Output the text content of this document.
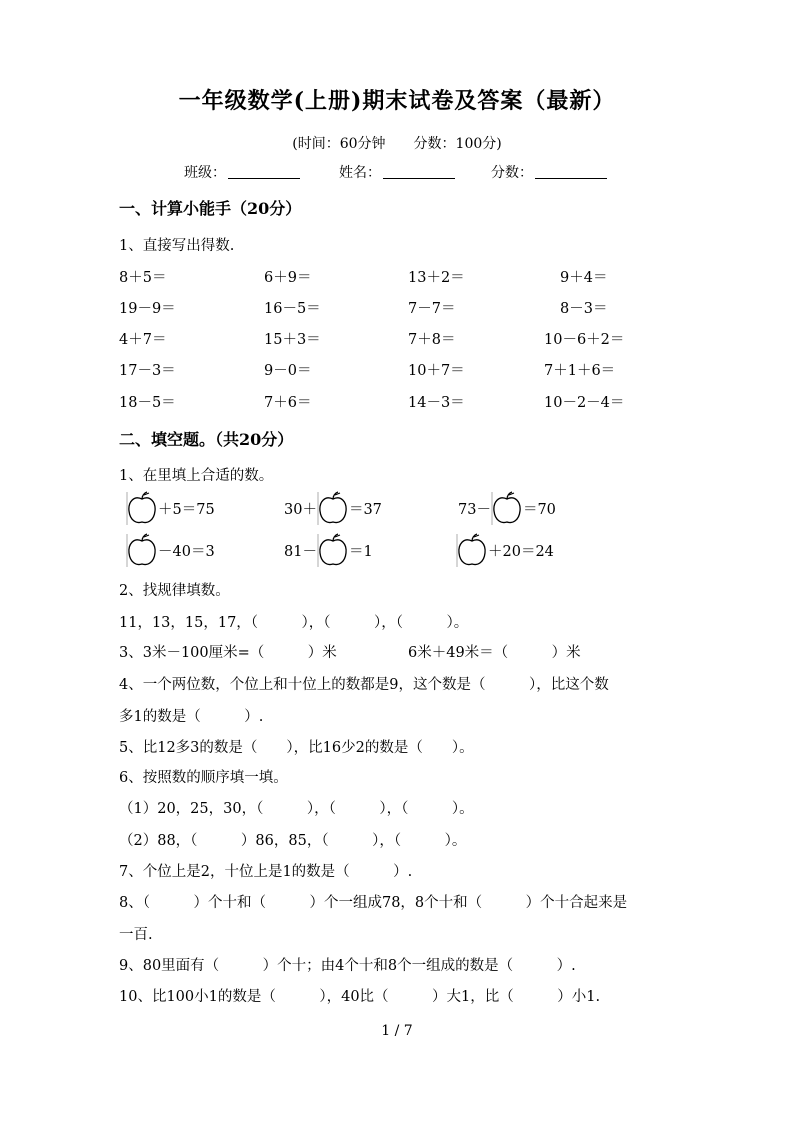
一年级数学(上册)期末试卷及答案（最新）
(时间：60分钟 分数：100分)
班级：	姓名：	分数：
一、计算小能手（20分）
1、直接写出得数.
8＋5＝	6＋9＝	13＋2＝	9＋4＝
19－9＝	16－5＝	7－7＝	8－3＝
4＋7＝	15＋3＝	7＋8＝	10－6＋2＝
17－3＝	9－0＝	10＋7＝	7＋1＋6＝
18－5＝	7＋6＝	14－3＝	10－2－4＝
二、填空题。（共20分）
1、在里填上合适的数。
＋5＝75	30＋ ＝37	73－ ＝70
－40＝3	81－ ＝1	＋20＝24
2、找规律填数。
11，13，15，17，（　　　），（　　　），（　　　）。
3、3米－100厘米=（　　　）米	6米＋49米＝（　　　）米
4、一个两位数，个位上和十位上的数都是9，这个数是（　　　），比这个数
多1的数是（　　　）.
5、比12多3的数是（　　），比16少2的数是（　　）。
6、按照数的顺序填一填。
（1）20，25，30，（　　　），（　　　），（　　　）。
（2）88，（　　　）86，85，（　　　），（　　　）。
7、个位上是2，十位上是1的数是（　　　）.
8、（　　　）个十和（　　　）个一组成78，8个十和（　　　）个十合起来是
一百.
9、80里面有（　　　）个十；由4个十和8个一组成的数是（　　　）.
10、比100小1的数是（　　　），40比（　　　）大1，比（　　　）小1.
1 / 7
